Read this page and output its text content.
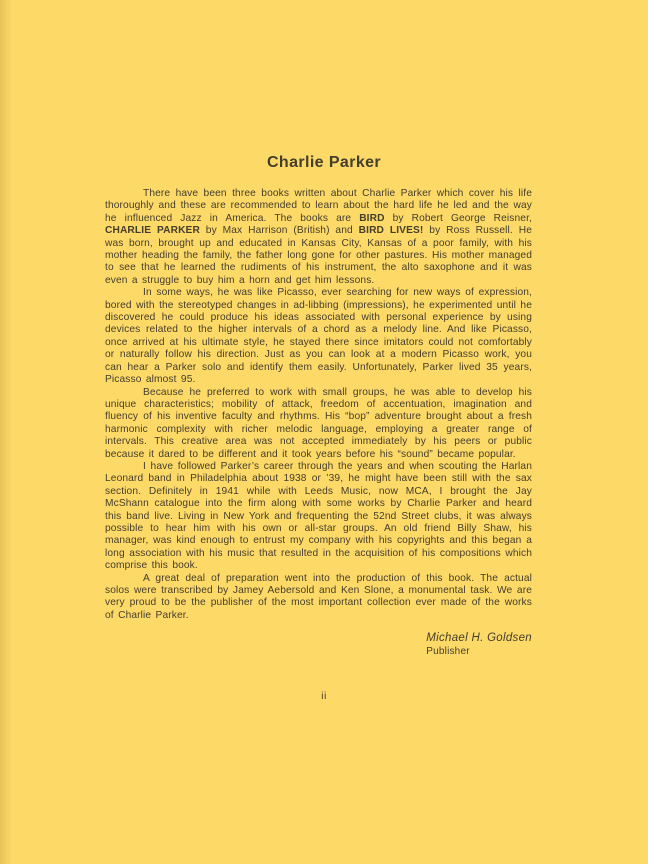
Charlie Parker

There have been three books written about Charlie Parker which cover his life thoroughly and these are recommended to learn about the hard life he led and the way he influenced Jazz in America. The books are BIRD by Robert George Reisner, CHARLIE PARKER by Max Harrison (British) and BIRD LIVES! by Ross Russell. He was born, brought up and educated in Kansas City, Kansas of a poor family, with his mother heading the family, the father long gone for other pastures. His mother managed to see that he learned the rudiments of his instrument, the alto saxophone and it was even a struggle to buy him a horn and get him lessons.

In some ways, he was like Picasso, ever searching for new ways of expression, bored with the stereotyped changes in ad-libbing (impressions), he experimented until he discovered he could produce his ideas associated with personal experience by using devices related to the higher intervals of a chord as a melody line. And like Picasso, once arrived at his ultimate style, he stayed there since imitators could not comfortably or naturally follow his direction. Just as you can look at a modern Picasso work, you can hear a Parker solo and identify them easily. Unfortunately, Parker lived 35 years, Picasso almost 95.

Because he preferred to work with small groups, he was able to develop his unique characteristics; mobility of attack, freedom of accentuation, imagination and fluency of his inventive faculty and rhythms. His “bop” adventure brought about a fresh harmonic complexity with richer melodic language, employing a greater range of intervals. This creative area was not accepted immediately by his peers or public because it dared to be different and it took years before his “sound” became popular.

I have followed Parker’s career through the years and when scouting the Harlan Leonard band in Philadelphia about 1938 or ’39, he might have been still with the sax section. Definitely in 1941 while with Leeds Music, now MCA, I brought the Jay McShann catalogue into the firm along with some works by Charlie Parker and heard this band live. Living in New York and frequenting the 52nd Street clubs, it was always possible to hear him with his own or all-star groups. An old friend Billy Shaw, his manager, was kind enough to entrust my company with his copyrights and this began a long association with his music that resulted in the acquisition of his compositions which comprise this book.

A great deal of preparation went into the production of this book. The actual solos were transcribed by Jamey Aebersold and Ken Slone, a monumental task. We are very proud to be the publisher of the most important collection ever made of the works of Charlie Parker.

Michael H. Goldsen
Publisher
ii
